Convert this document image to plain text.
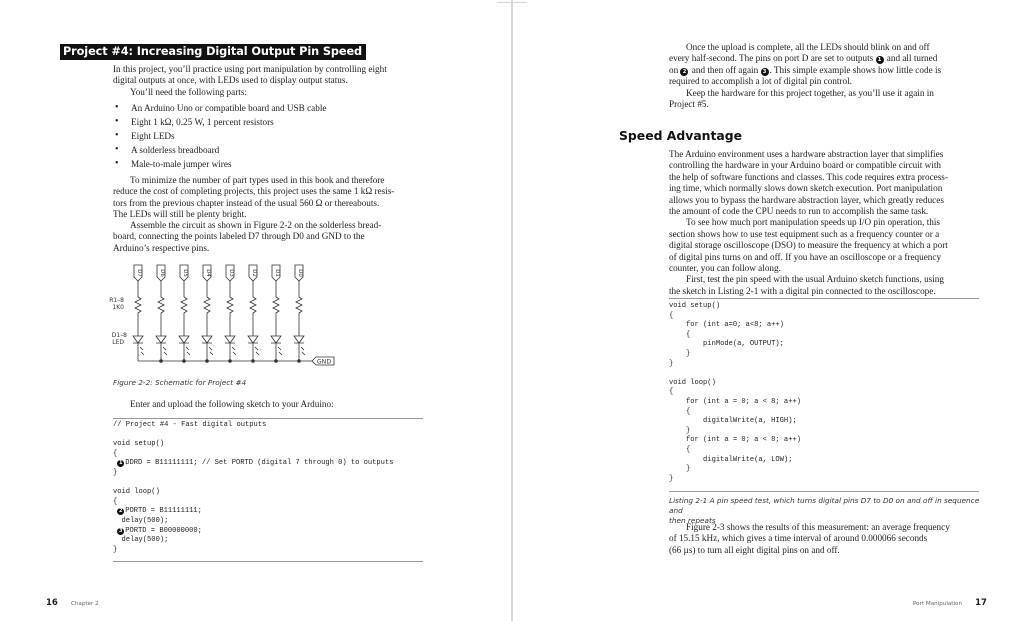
Project #4: Increasing Digital Output Pin Speed
In this project, you’ll practice using port manipulation by controlling eight
digital outputs at once, with LEDs used to display output status.
You’ll need the following parts:
• An Arduino Uno or compatible board and USB cable
• Eight 1 kΩ, 0.25 W, 1 percent resistors
• Eight LEDs
• A solderless breadboard
• Male-to-male jumper wires
To minimize the number of part types used in this book and therefore
reduce the cost of completing projects, this project uses the same 1 kΩ resis-
tors from the previous chapter instead of the usual 560 Ω or thereabouts.
The LEDs will still be plenty bright.
Assemble the circuit as shown in Figure 2-2 on the solderless bread-
board, connecting the points labeled D7 through D0 and GND to the
Arduino’s respective pins.
D7	D6	D5	D4	D3	D2	D1	D0
GND
R1–8
1K0
D1–8
LED
Figure 2-2: Schematic for Project #4
Enter and upload the following sketch to your Arduino:
// Project #4 - Fast digital outputs
void setup()
{
1 DDRD = B11111111; // Set PORTD (digital 7 through 0) to outputs
}
void loop()
{
2 PORTD = B11111111;
delay(500);
3 PORTD = B00000000;
delay(500);
}
16 Chapter 2
Once the upload is complete, all the LEDs should blink on and off
every half-second. The pins on port D are set to outputs 1 and all turned
on 2 and then off again 3 . This simple example shows how little code is
required to accomplish a lot of digital pin control.
Keep the hardware for this project together, as you’ll use it again in
Project #5.
Speed Advantage
The Arduino environment uses a hardware abstraction layer that simplifies
controlling the hardware in your Arduino board or compatible circuit with
the help of software functions and classes. This code requires extra process-
ing time, which normally slows down sketch execution. Port manipulation
allows you to bypass the hardware abstraction layer, which greatly reduces
the amount of code the CPU needs to run to accomplish the same task.
To see how much port manipulation speeds up I/O pin operation, this
section shows how to use test equipment such as a frequency counter or a
digital storage oscilloscope (DSO) to measure the frequency at which a port
of digital pins turns on and off. If you have an oscilloscope or a frequency
counter, you can follow along.
First, test the pin speed with the usual Arduino sketch functions, using
the sketch in Listing 2-1 with a digital pin connected to the oscilloscope.
void setup()
{
for (int a=0; a<8; a++)
{
pinMode(a, OUTPUT);
}
}
void loop()
{
for (int a = 0; a < 8; a++)
{
digitalWrite(a, HIGH);
}
for (int a = 0; a < 8; a++)
{
digitalWrite(a, LOW);
}
}
Listing 2-1 A pin speed test, which turns digital pins D7 to D0 on and off in sequence and
then repeats
Figure 2-3 shows the results of this measurement: an average frequency
of 15.15 kHz, which gives a time interval of around 0.000066 seconds
(66 µs) to turn all eight digital pins on and off.
Port Manipulation 17
